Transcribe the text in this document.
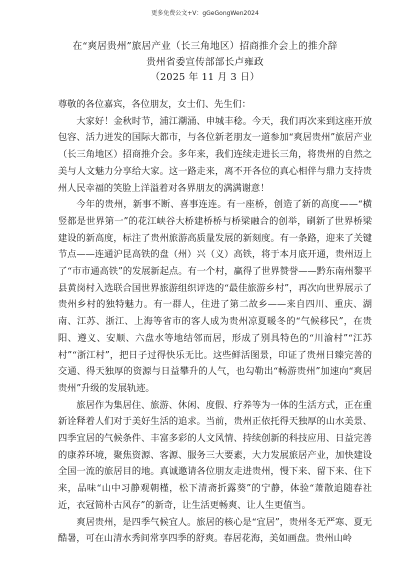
更多免费公文+V：gGeGongWen2024
在“爽居贵州”旅居产业（长三角地区）招商推介会上的推介辞
贵州省委宣传部部长卢雍政
（2025 年 11 月 3 日）

尊敬的各位嘉宾，各位朋友，女士们、先生们：

大家好！金秋时节，浦江潮涌、申城丰稔。今天，我们再次来到这座开放包容、活力迸发的国际大都市，与各位新老朋友一道参加“爽居贵州”旅居产业（长三角地区）招商推介会。多年来，我们连续走进长三角，将贵州的自然之美与人文魅力分享给大家。这一路走来，离不开各位的真心相伴与鼎力支持贵州人民幸福的笑脸上洋溢着对各界朋友的满满谢意！

今年的贵州，新事不断、喜事连连。有一座桥，创造了新的高度——“横竖都是世界第一”的花江峡谷大桥建桥桥与桥梁融合的创举，刷新了世界桥梁建设的新高度，标注了贵州旅游高质量发展的新刻度。有一条路，迎来了关键节点——连通沪昆高铁的盘（州）兴（义）高铁，将于本月底开通，贵州迈上了“市市通高铁”的发展新起点。有一个村，赢得了世界赞誉——黔东南州黎平县黄岗村入选联合国世界旅游组织评选的“最佳旅游乡村”，再次向世界展示了贵州乡村的独特魅力。有一群人，住进了第二故乡——来自四川、重庆、湖南、江苏、浙江、上海等省市的客人成为贵州凉夏暖冬的“气候移民”，在贵阳、遵义、安顺、六盘水等地结邻而居，形成了别具特色的“川渝村”“江苏村”“浙江村”，把日子过得快乐无比。这些鲜活图景，印证了贵州日臻完善的交通、得天独厚的资源与日益攀升的人气，也勾勒出“畅游贵州”加速向“爽居贵州”升级的发展轨迹。

旅居作为集居住、旅游、休闲、度假、疗养等为一体的生活方式，正在重新诠释着人们对于美好生活的追求。当前，贵州正依托得天独厚的山水美景、四季宜居的气候条件、丰富多彩的人文风情、持续创新的科技应用、日益完善的康养环境，聚焦资源、客源、服务三大要素，大力发展旅居产业，加快建设全国一流的旅居目的地。真诚邀请各位朋友走进贵州，慢下来、留下来、住下来，品味“山中习静观朝槿，松下清斋折露葵”的宁静，体验“萧散追随春社近，衣冠简朴古风存”的新奇，让生活更畅爽、让人生更值当。

爽居贵州，是四季气候宜人。旅居的核心是“宜居”，贵州冬无严寒、夏无酷暑，可在山清水秀间常享四季的舒爽。春居花海，美如画盘。贵州山岭
